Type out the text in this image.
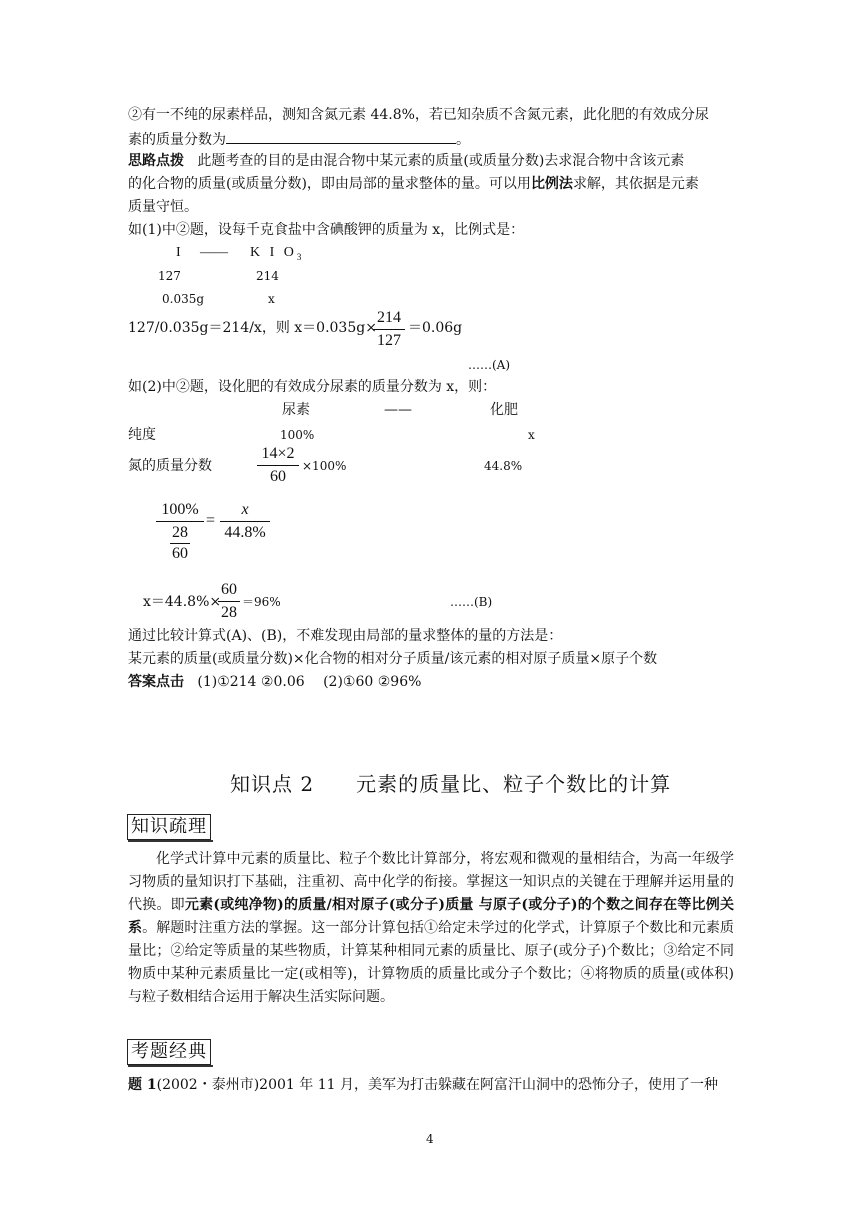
②有一不纯的尿素样品，测知含氮元素 44.8%，若已知杂质不含氮元素，此化肥的有效成分尿
素的质量分数为	。
思路点拨 此题考查的目的是由混合物中某元素的质量(或质量分数)去求混合物中含该元素
的化合物的质量(或质量分数)，即由局部的量求整体的量。可以用比例法求解，其依据是元素
质量守恒。
如(1)中②题，设每千克食盐中含碘酸钾的质量为 x，比例式是：
I —— K I $O_3$
127	214
0.035g	x
127/0.035g＝214/x，则 x＝0.035g×
214
127
＝0.06g
……(A)
如(2)中②题，设化肥的有效成分尿素的质量分数为 x，则：
尿素	——	化肥
纯度	100%	x
氮的质量分数
14×2
60
×100%	44.8%
100%
28
60
=
x
44.8%
x＝44.8%×
60
28
＝96%	……(B)
通过比较计算式(A)、(B)，不难发现由局部的量求整体的量的方法是：
某元素的质量(或质量分数)×化合物的相对分子质量/该元素的相对原子质量×原子个数
答案点击 (1)①214 ②0.06　 (2)①60 ②96%
知识点 2　　元素的质量比、粒子个数比的计算
知识疏理
化学式计算中元素的质量比、粒子个数比计算部分，将宏观和微观的量相结合，为高一年级学习物质的量知识打下基础，注重初、高中化学的衔接。掌握这一知识点的关键在于理解并运用量的代换。即元素(或纯净物)的质量/相对原子(或分子)质量 与原子(或分子)的个数之间存在等比例关系。解题时注重方法的掌握。这一部分计算包括①给定未学过的化学式，计算原子个数比和元素质量比；②给定等质量的某些物质，计算某种相同元素的质量比、原子(或分子)个数比；③给定不同物质中某种元素质量比一定(或相等)，计算物质的质量比或分子个数比；④将物质的质量(或体积)与粒子数相结合运用于解决生活实际问题。
考题经典
题 1(2002・泰州市)2001 年 11 月，美军为打击躲藏在阿富汗山洞中的恐怖分子，使用了一种
4
